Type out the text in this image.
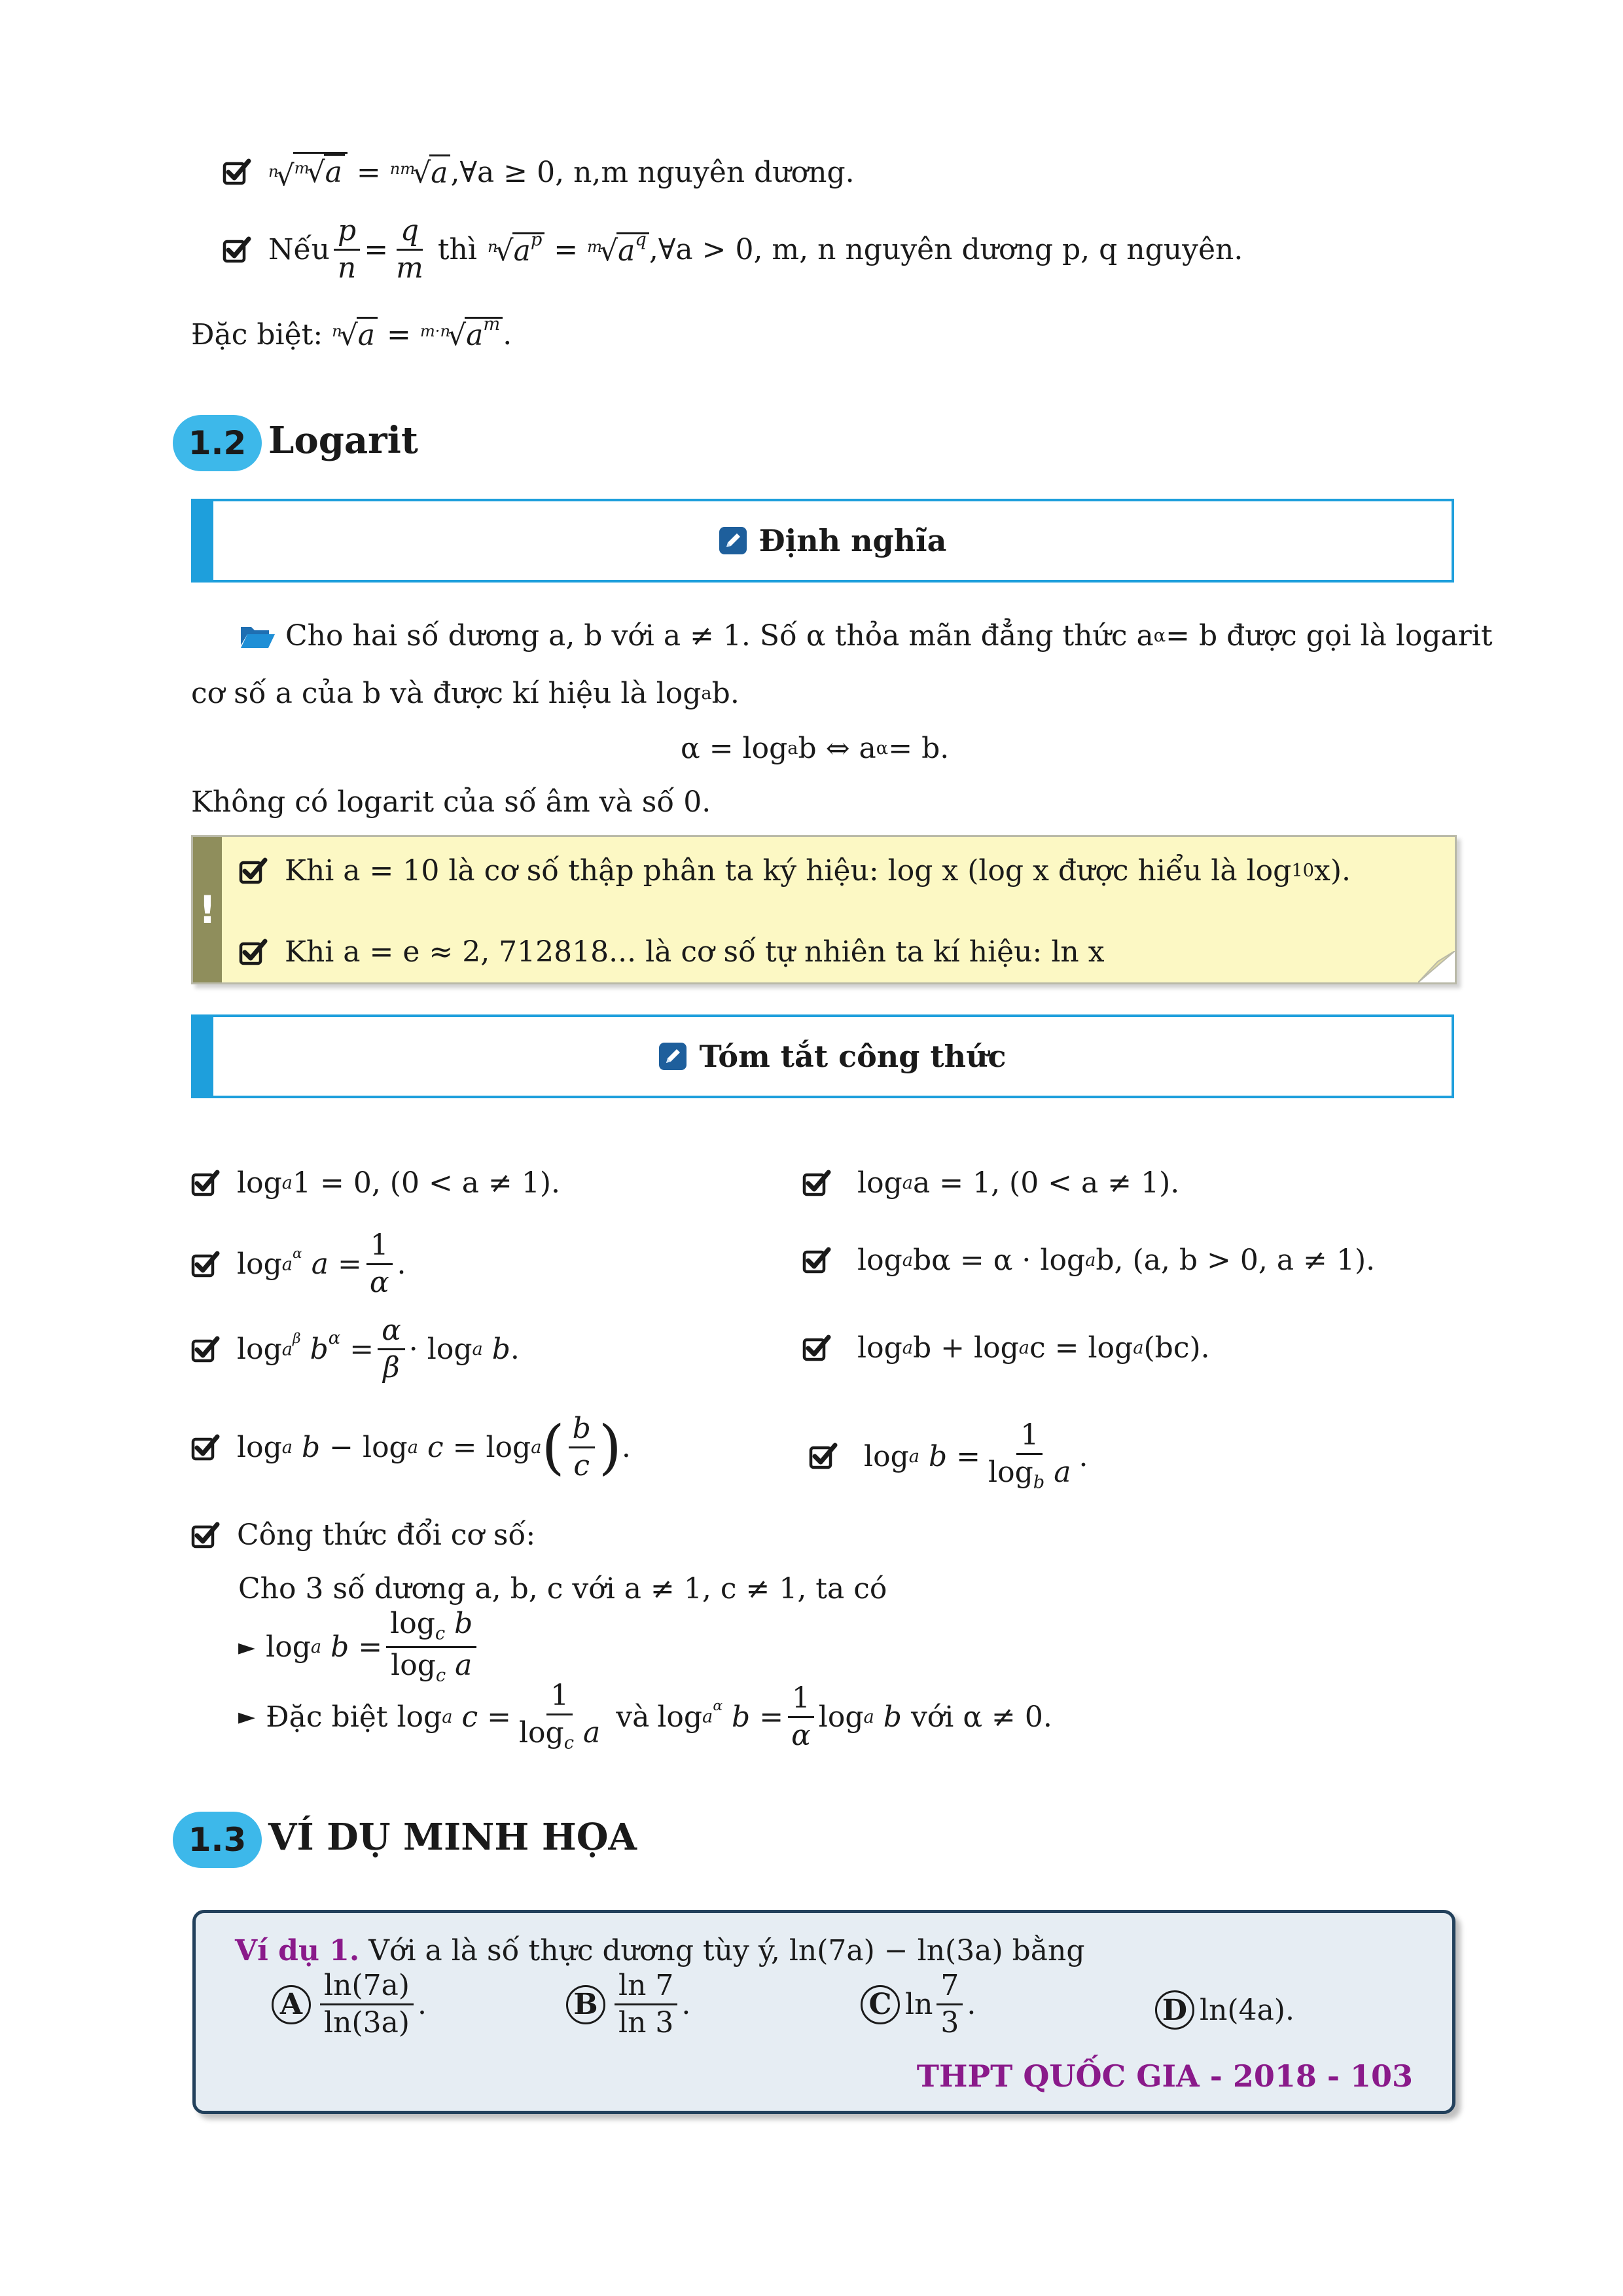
n
√ m
√ a = nm
√ a , ∀a ≥ 0, n,m nguyên dương.
Nếu $\frac{p}{n} = \frac{q}{m}$ thì n
√ $a^p = m$
√ $a^q$ , ∀a > 0, m, n nguyên dương p, q nguyên.
Đặc biệt: n
√ a = m·n
√ $a^m$ .
1.2 Logarit
Định nghĩa
Cho hai số dương a, b với a ≠ 1. Số α thỏa mãn đẳng thức a α = b được gọi là logarit
cơ số a của b và được kí hiệu là log a b.
α = log a b ⇔ a α = b.
Không có logarit của số âm và số 0.
!
Khi a = 10 là cơ số thập phân ta ký hiệu: log x (log x được hiểu là log 10 x).
Khi a = e ≈ 2, 712818... là cơ số tự nhiên ta kí hiệu: ln x
Tóm tắt công thức
log a 1 = 0, (0 < a ≠ 1).	log a a = 1, (0 < a ≠ 1).
$\log a^\alpha$ $a = \frac{1}{\alpha}$ .	log a bα = α · log a b, (a, b > 0, a ≠ 1).
$\log a^\beta$ $b^\alpha = \frac{\alpha}{\beta} \cdot \log a$ b .	log a b + log a c = log a (bc).
log a b − log a c = log a ( $\frac{b}{c}$ ) .	log a $b = \frac{1}{\log_b a}$ .
Công thức đổi cơ số:
Cho 3 số dương a, b, c với a ≠ 1, c ≠ 1, ta có
► log a $b = \frac{\log_c b}{\log_c a}$
► Đặc biệt log a $c = \frac{1}{\log_c a}$ và $\log a^\alpha$ $b = \frac{1}{\alpha}$ log a b với α ≠ 0.
1.3 VÍ DỤ MINH HỌA
Ví dụ 1. Với a là số thực dương tùy ý, ln(7a) − ln(3a) bằng
A $\frac{\ln(7a)}{\ln(3a)}$ .	B $\frac{\ln 7}{\ln 3}$ .	C $\ln \frac{7}{3}$ .	D ln(4a).
THPT QUỐC GIA - 2018 - 103
